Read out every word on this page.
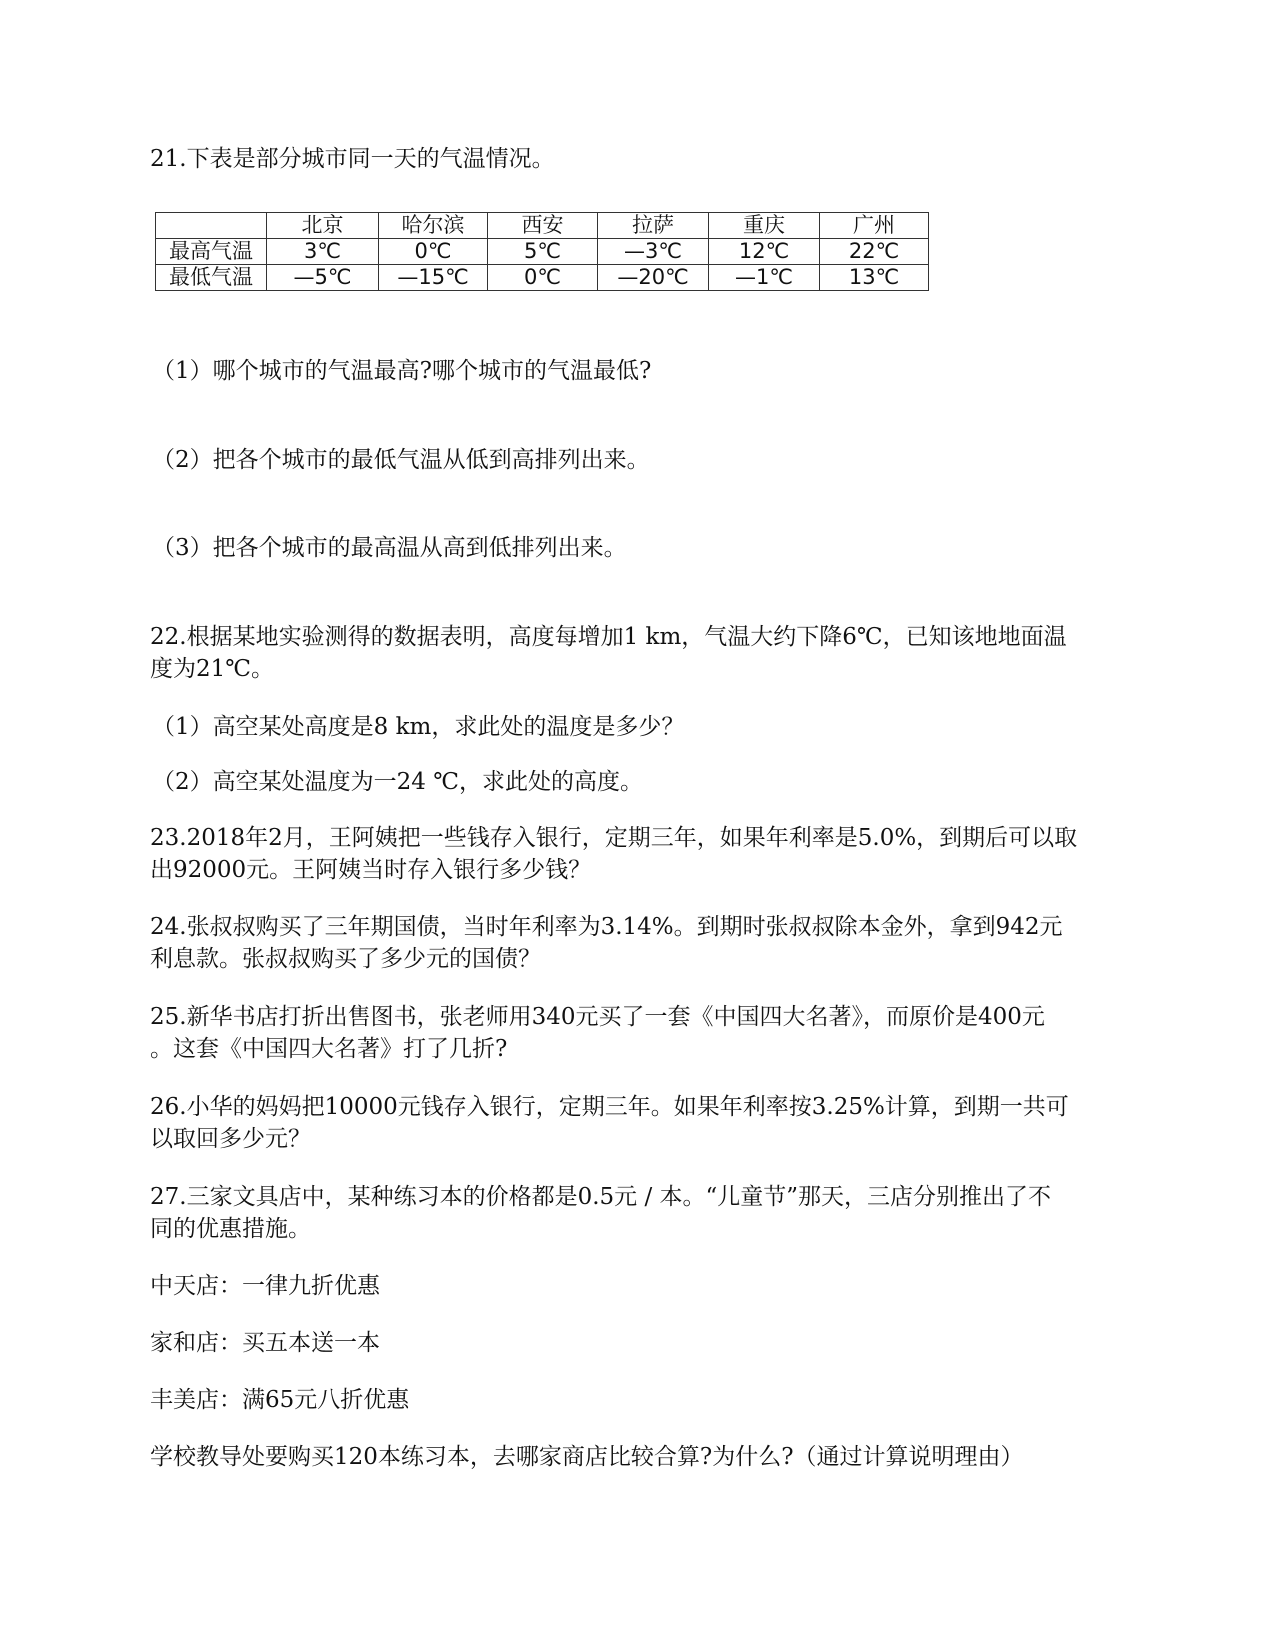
21.下表是部分城市同一天的气温情况。

	北京	哈尔滨	西安	拉萨	重庆	广州
最高气温	3℃	0℃	5℃	—3℃	12℃	22℃
最低气温	—5℃	—15℃	0℃	—20℃	—1℃	13℃

（1）哪个城市的气温最高?哪个城市的气温最低?

（2）把各个城市的最低气温从低到高排列出来。

（3）把各个城市的最高温从高到低排列出来。

22.根据某地实验测得的数据表明，高度每增加1 km，气温大约下降6℃，已知该地地面温

度为21℃。

（1）高空某处高度是8 km，求此处的温度是多少？

（2）高空某处温度为一24 ℃，求此处的高度。

23.2018年2月，王阿姨把一些钱存入银行，定期三年，如果年利率是5.0%，到期后可以取

出92000元。王阿姨当时存入银行多少钱？

24.张叔叔购买了三年期国债，当时年利率为3.14%。到期时张叔叔除本金外，拿到942元

利息款。张叔叔购买了多少元的国债？

25.新华书店打折出售图书，张老师用340元买了一套《中国四大名著》，而原价是400元

。这套《中国四大名著》打了几折?

26.小华的妈妈把10000元钱存入银行，定期三年。如果年利率按3.25%计算，到期一共可

以取回多少元？

27.三家文具店中，某种练习本的价格都是0.5元 / 本。“儿童节”那天，三店分别推出了不

同的优惠措施。

中天店：一律九折优惠

家和店：买五本送一本

丰美店：满65元八折优惠

学校教导处要购买120本练习本，去哪家商店比较合算?为什么?（通过计算说明理由）
